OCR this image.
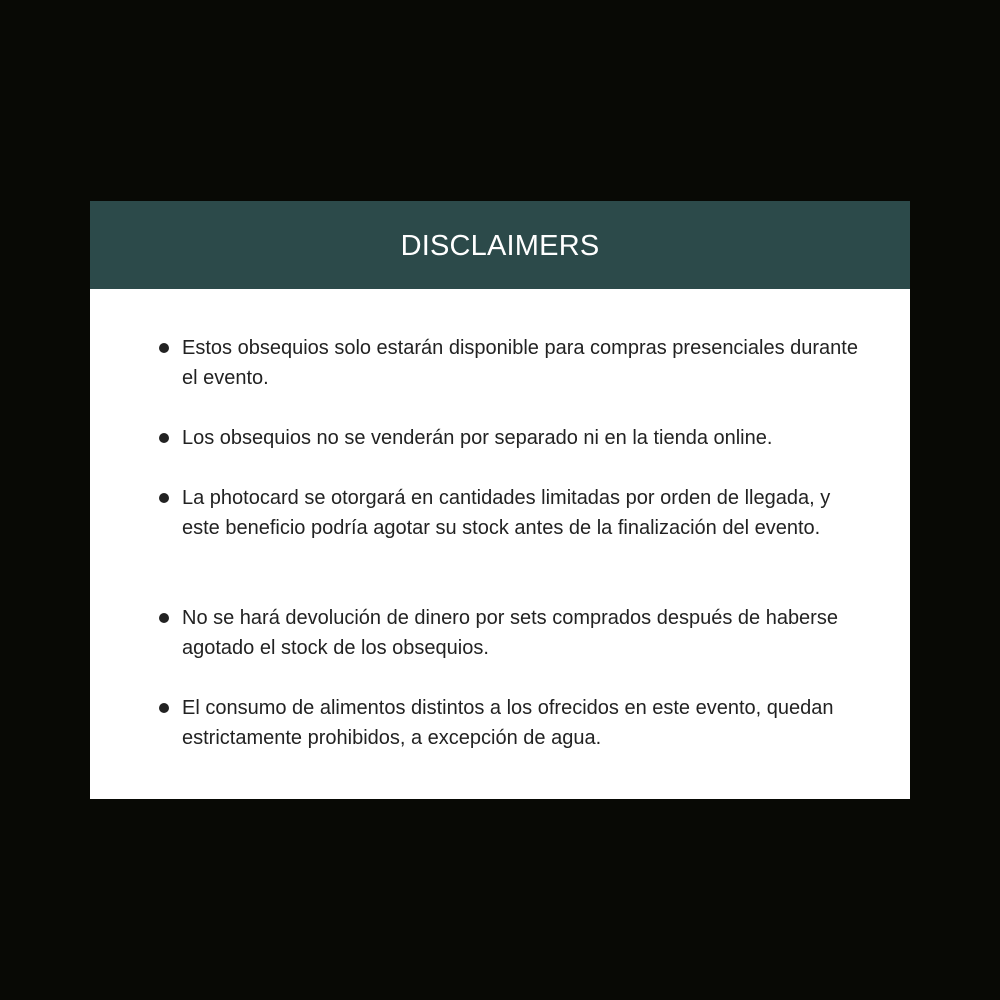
DISCLAIMERS
Estos obsequios solo estarán disponible para compras presenciales durante el evento.
Los obsequios no se venderán por separado ni en la tienda online.
La photocard se otorgará en cantidades limitadas por orden de llegada, y este beneficio podría agotar su stock antes de la finalización del evento.
No se hará devolución de dinero por sets comprados después de haberse agotado el stock de los obsequios.
El consumo de alimentos distintos a los ofrecidos en este evento, quedan estrictamente prohibidos, a excepción de agua.
